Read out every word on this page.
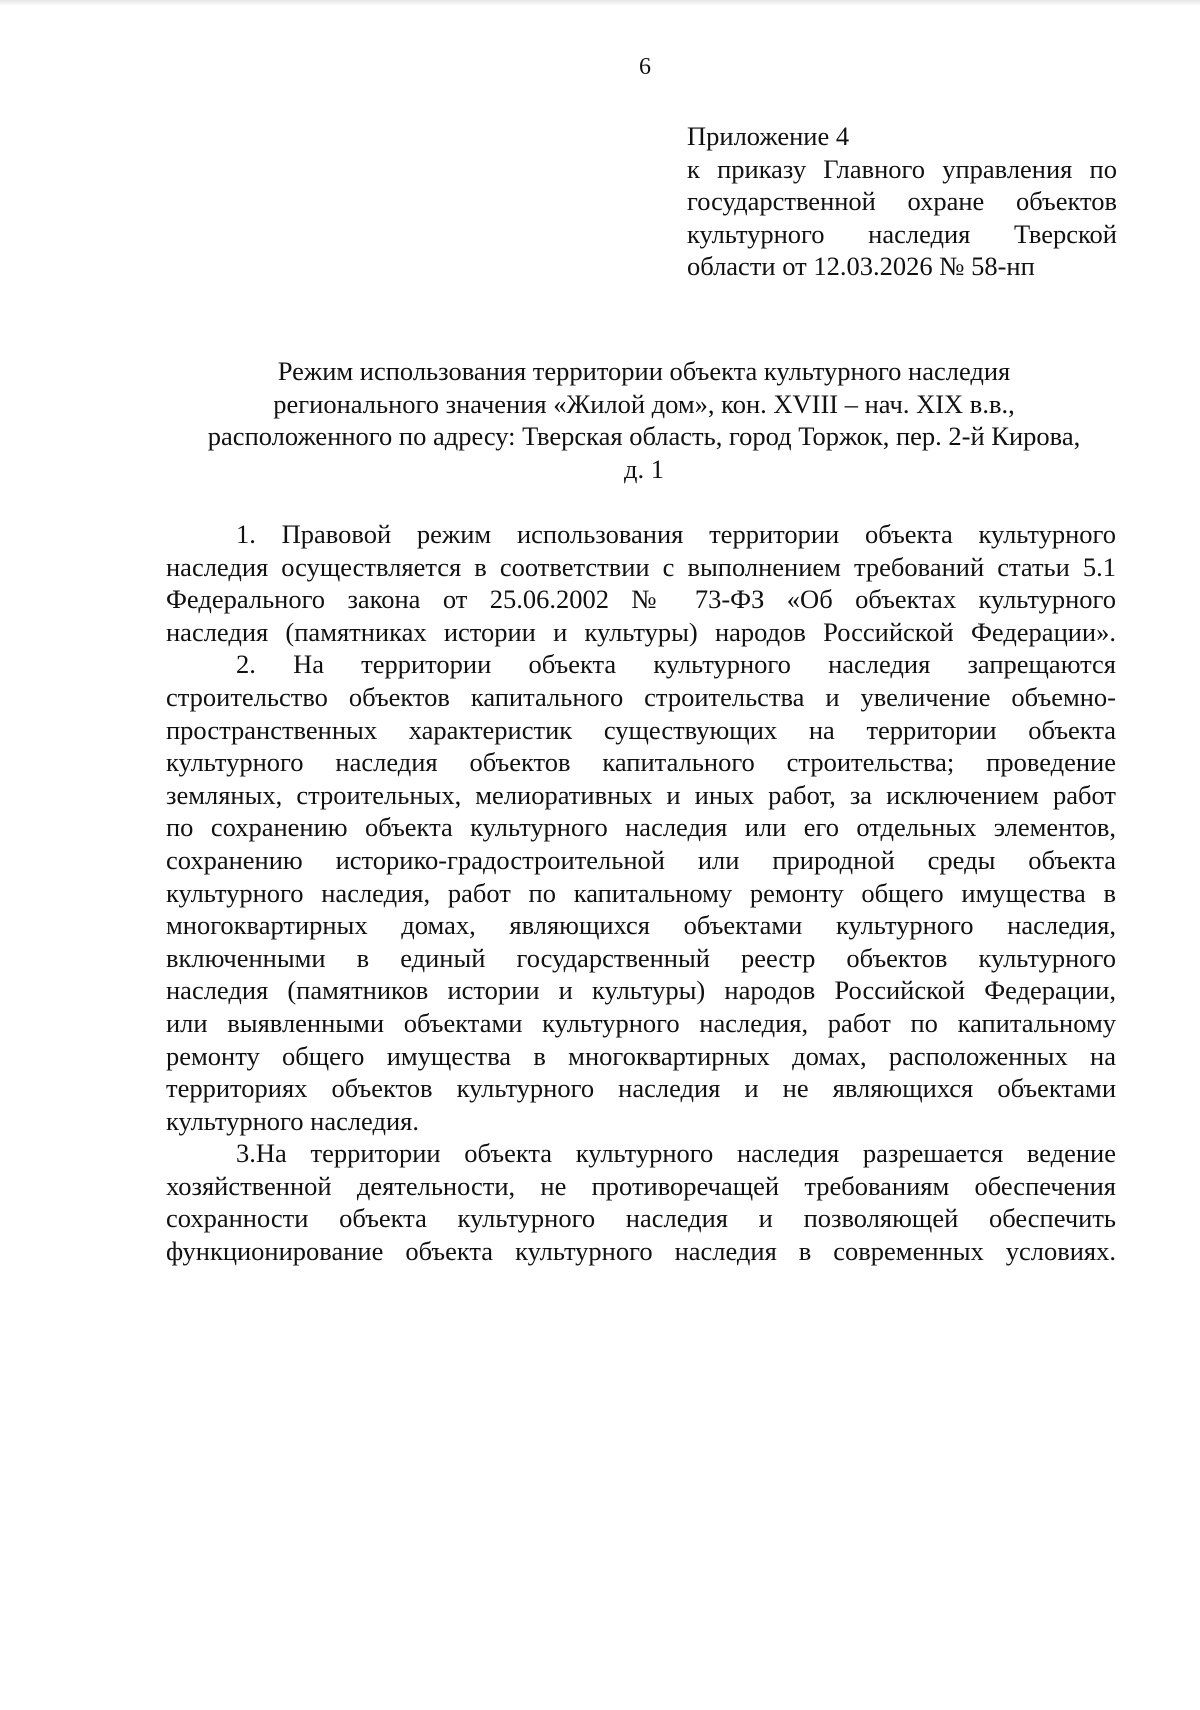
6
Приложение 4
к приказу Главного управления по
государственной охране объектов
культурного наследия Тверской
области от 12.03.2026 № 58-нп
Режим использования территории объекта культурного наследия
регионального значения «Жилой дом», кон. XVIII – нач. XIX в.в.,
расположенного по адресу: Тверская область, город Торжок, пер. 2-й Кирова,
д. 1
1. Правовой режим использования территории объекта культурного
наследия осуществляется в соответствии с выполнением требований статьи 5.1
Федерального закона от 25.06.2002 № 73-ФЗ «Об объектах культурного
наследия (памятниках истории и культуры) народов Российской Федерации».
2. На территории объекта культурного наследия запрещаются
строительство объектов капитального строительства и увеличение объемно-
пространственных характеристик существующих на территории объекта
культурного наследия объектов капитального строительства; проведение
земляных, строительных, мелиоративных и иных работ, за исключением работ
по сохранению объекта культурного наследия или его отдельных элементов,
сохранению историко-градостроительной или природной среды объекта
культурного наследия, работ по капитальному ремонту общего имущества в
многоквартирных домах, являющихся объектами культурного наследия,
включенными в единый государственный реестр объектов культурного
наследия (памятников истории и культуры) народов Российской Федерации,
или выявленными объектами культурного наследия, работ по капитальному
ремонту общего имущества в многоквартирных домах, расположенных на
территориях объектов культурного наследия и не являющихся объектами
культурного наследия.
3.На территории объекта культурного наследия разрешается ведение
хозяйственной деятельности, не противоречащей требованиям обеспечения
сохранности объекта культурного наследия и позволяющей обеспечить
функционирование объекта культурного наследия в современных условиях.
